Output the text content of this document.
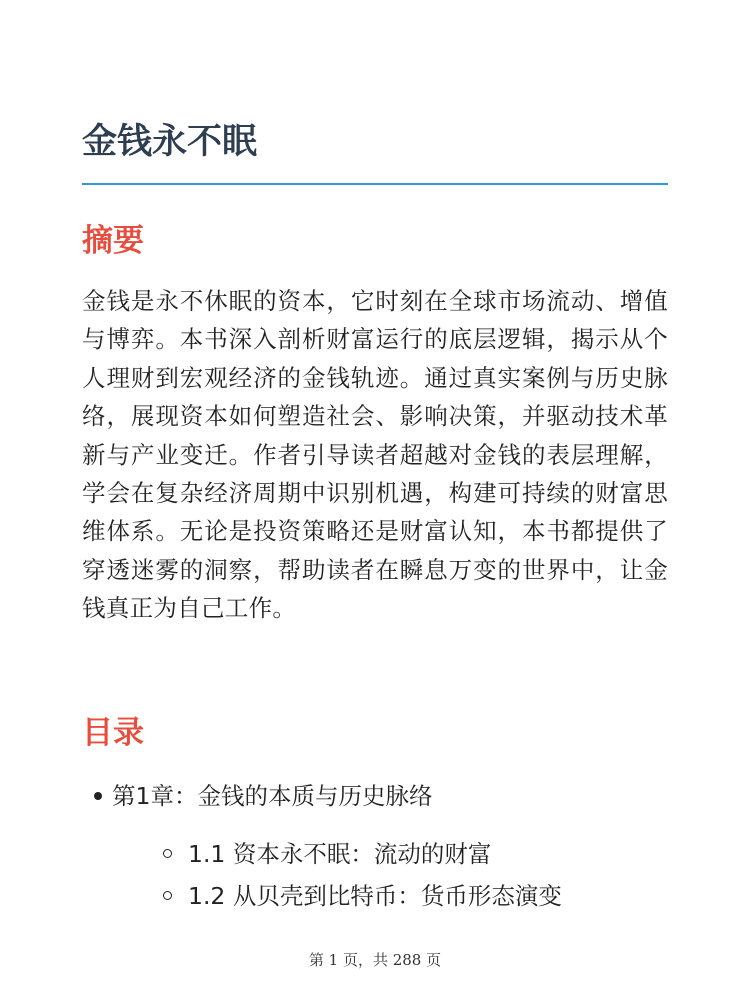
金钱永不眠
摘要

金钱是永不休眠的资本，它时刻在全球市场流动、增值与博弈。本书深入剖析财富运行的底层逻辑，揭示从个人理财到宏观经济的金钱轨迹。通过真实案例与历史脉络，展现资本如何塑造社会、影响决策，并驱动技术革新与产业变迁。作者引导读者超越对金钱的表层理解，学会在复杂经济周期中识别机遇，构建可持续的财富思维体系。无论是投资策略还是财富认知，本书都提供了穿透迷雾的洞察，帮助读者在瞬息万变的世界中，让金钱真正为自己工作。

目录
第1章：金钱的本质与历史脉络
1.1 资本永不眠：流动的财富
1.2 从贝壳到比特币：货币形态演变
第 1 页，共 288 页
